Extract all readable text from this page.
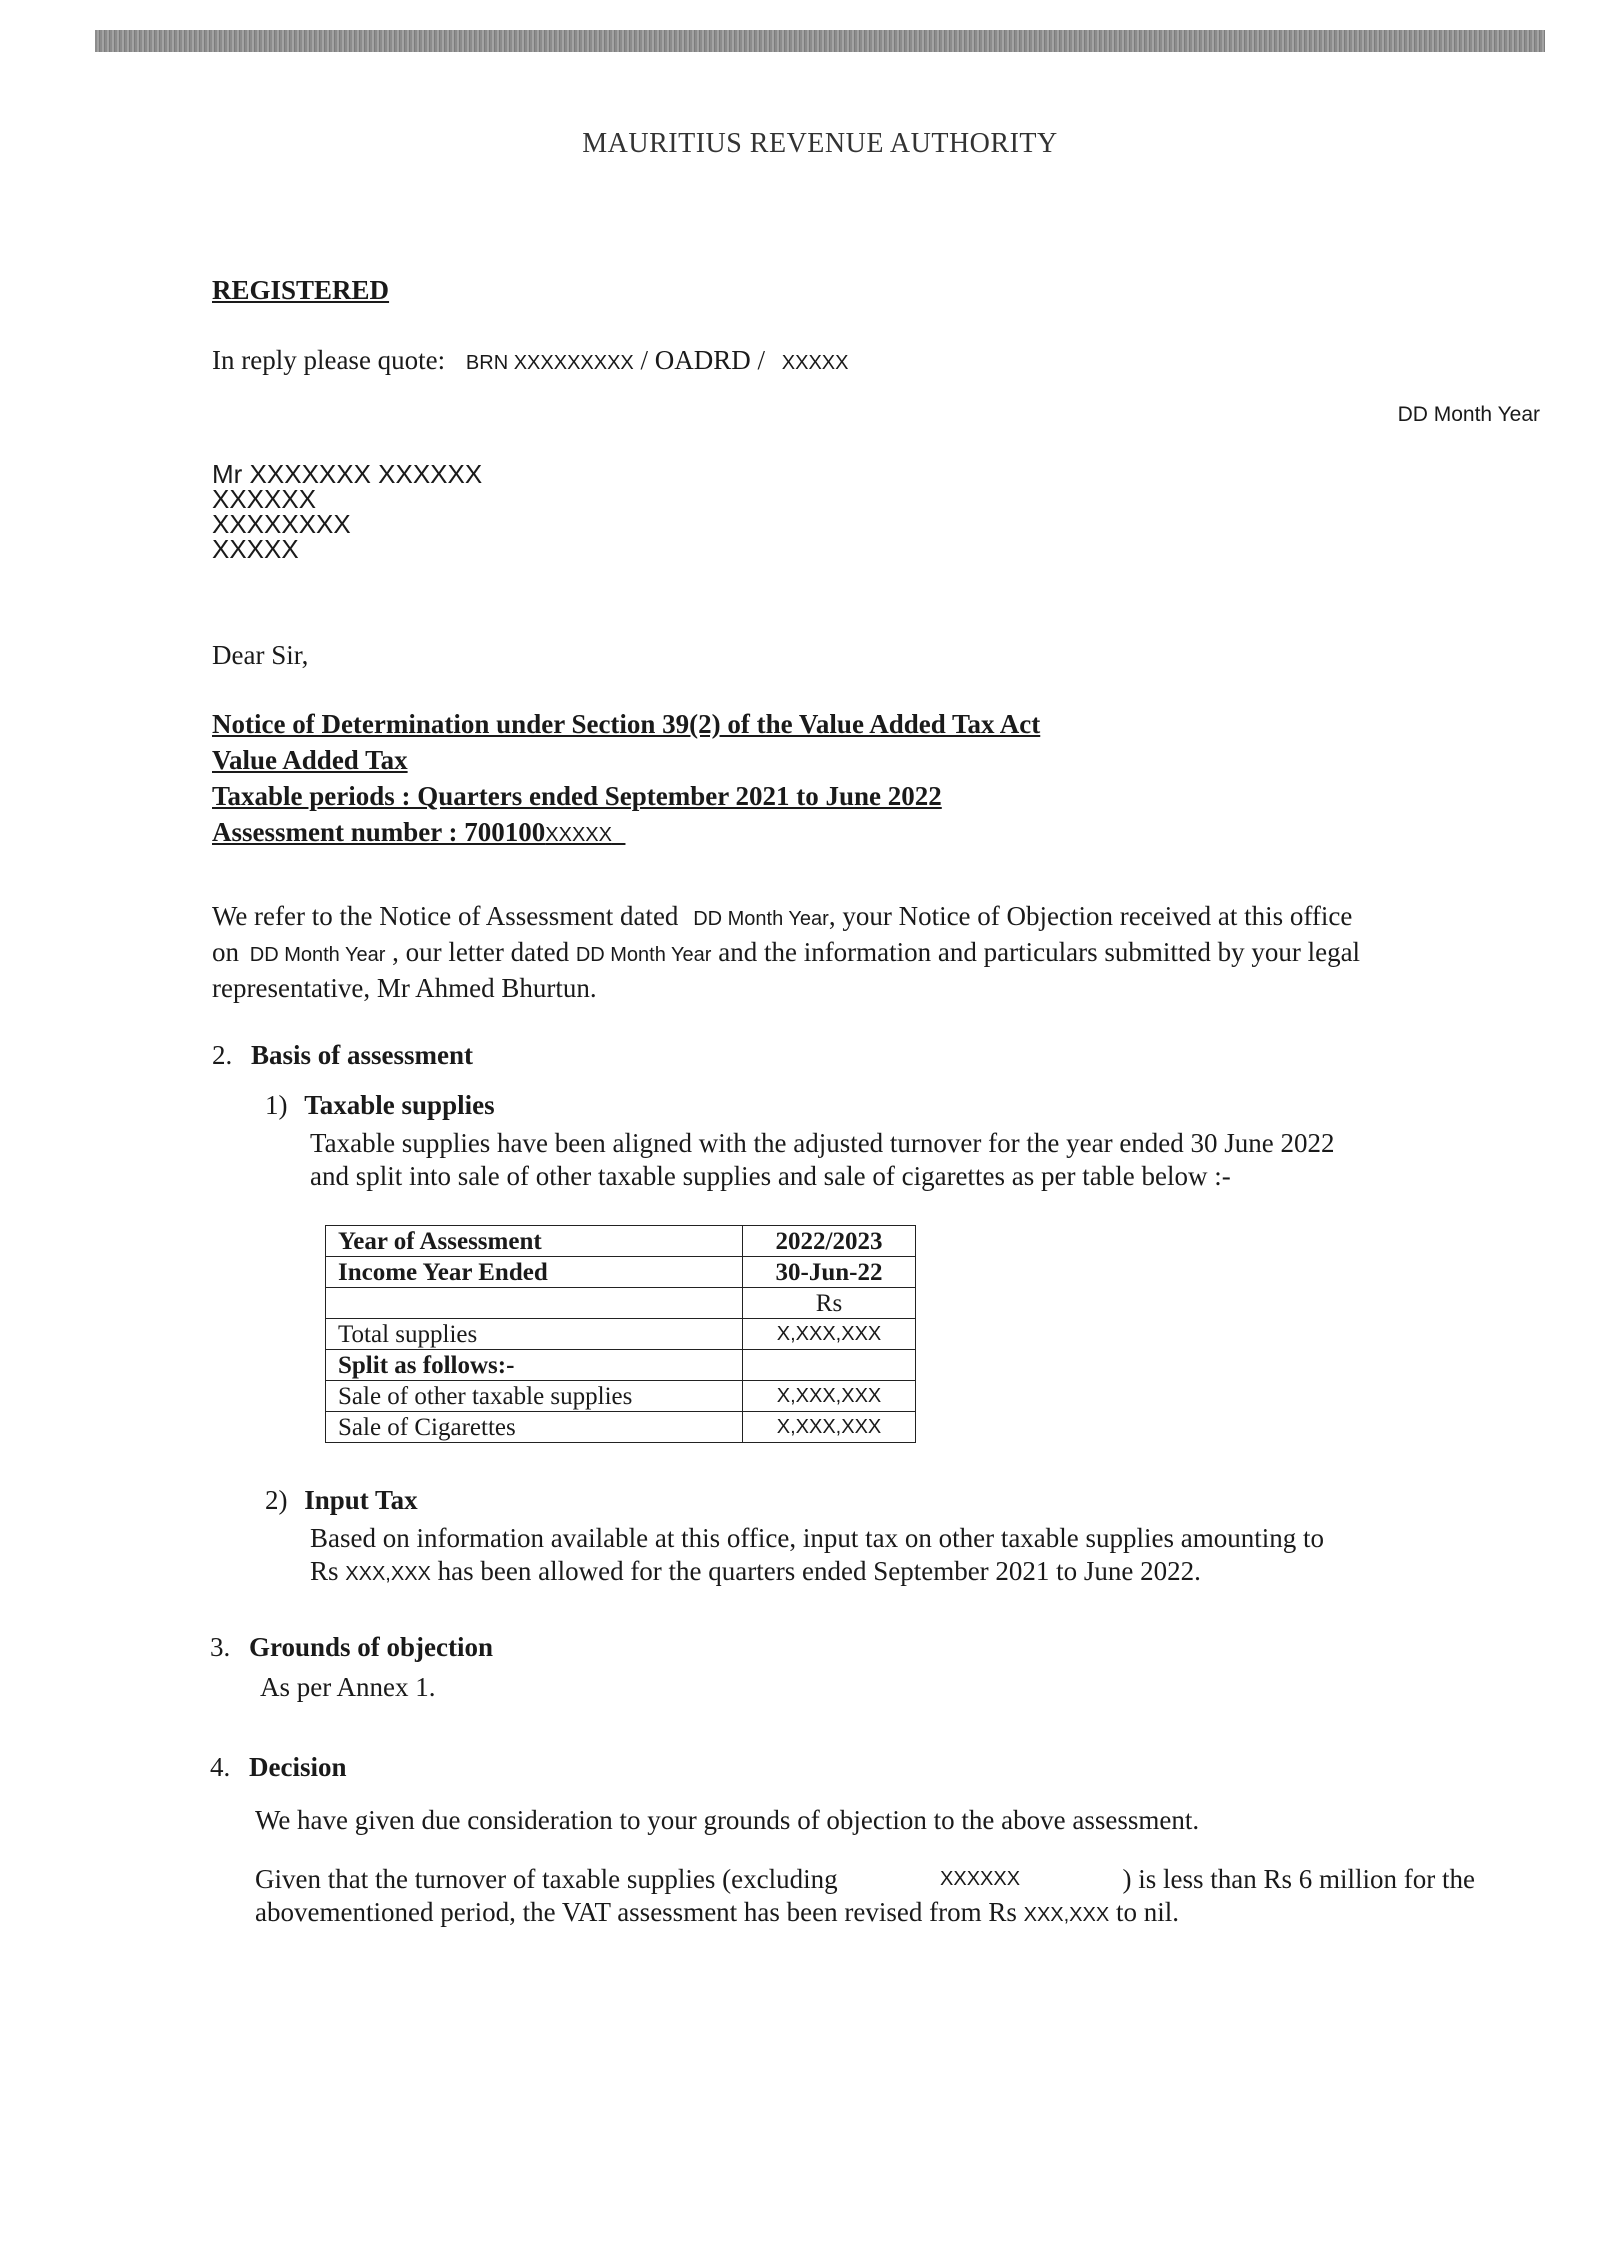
MAURITIUS REVENUE AUTHORITY
REGISTERED
In reply please quote: BRN XXXXXXXXX / OADRD / XXXXX
DD Month Year
Mr XXXXXXX XXXXXX
XXXXXX
XXXXXXXX
XXXXX
Dear Sir,
Notice of Determination under Section 39(2) of the Value Added Tax Act
Value Added Tax
Taxable periods : Quarters ended September 2021 to June 2022
Assessment number : 700100XXXXX
We refer to the Notice of Assessment dated DD Month Year, your Notice of Objection received at this office
on DD Month Year , our letter dated DD Month Year and the information and particulars submitted by your legal
representative, Mr Ahmed Bhurtun.
2. Basis of assessment
1) Taxable supplies
Taxable supplies have been aligned with the adjusted turnover for the year ended 30 June 2022
and split into sale of other taxable supplies and sale of cigarettes as per table below :-
Year of Assessment	2022/2023
Income Year Ended	30-Jun-22
	Rs
Total supplies	X,XXX,XXX
Split as follows:-	
Sale of other taxable supplies	X,XXX,XXX
Sale of Cigarettes	X,XXX,XXX
2) Input Tax
Based on information available at this office, input tax on other taxable supplies amounting to
Rs XXX,XXX has been allowed for the quarters ended September 2021 to June 2022.
3. Grounds of objection
As per Annex 1.
4. Decision
We have given due consideration to your grounds of objection to the above assessment.
Given that the turnover of taxable supplies (excluding	XXXXXX	) is less than Rs 6 million for the
abovementioned period, the VAT assessment has been revised from Rs XXX,XXX to nil.
